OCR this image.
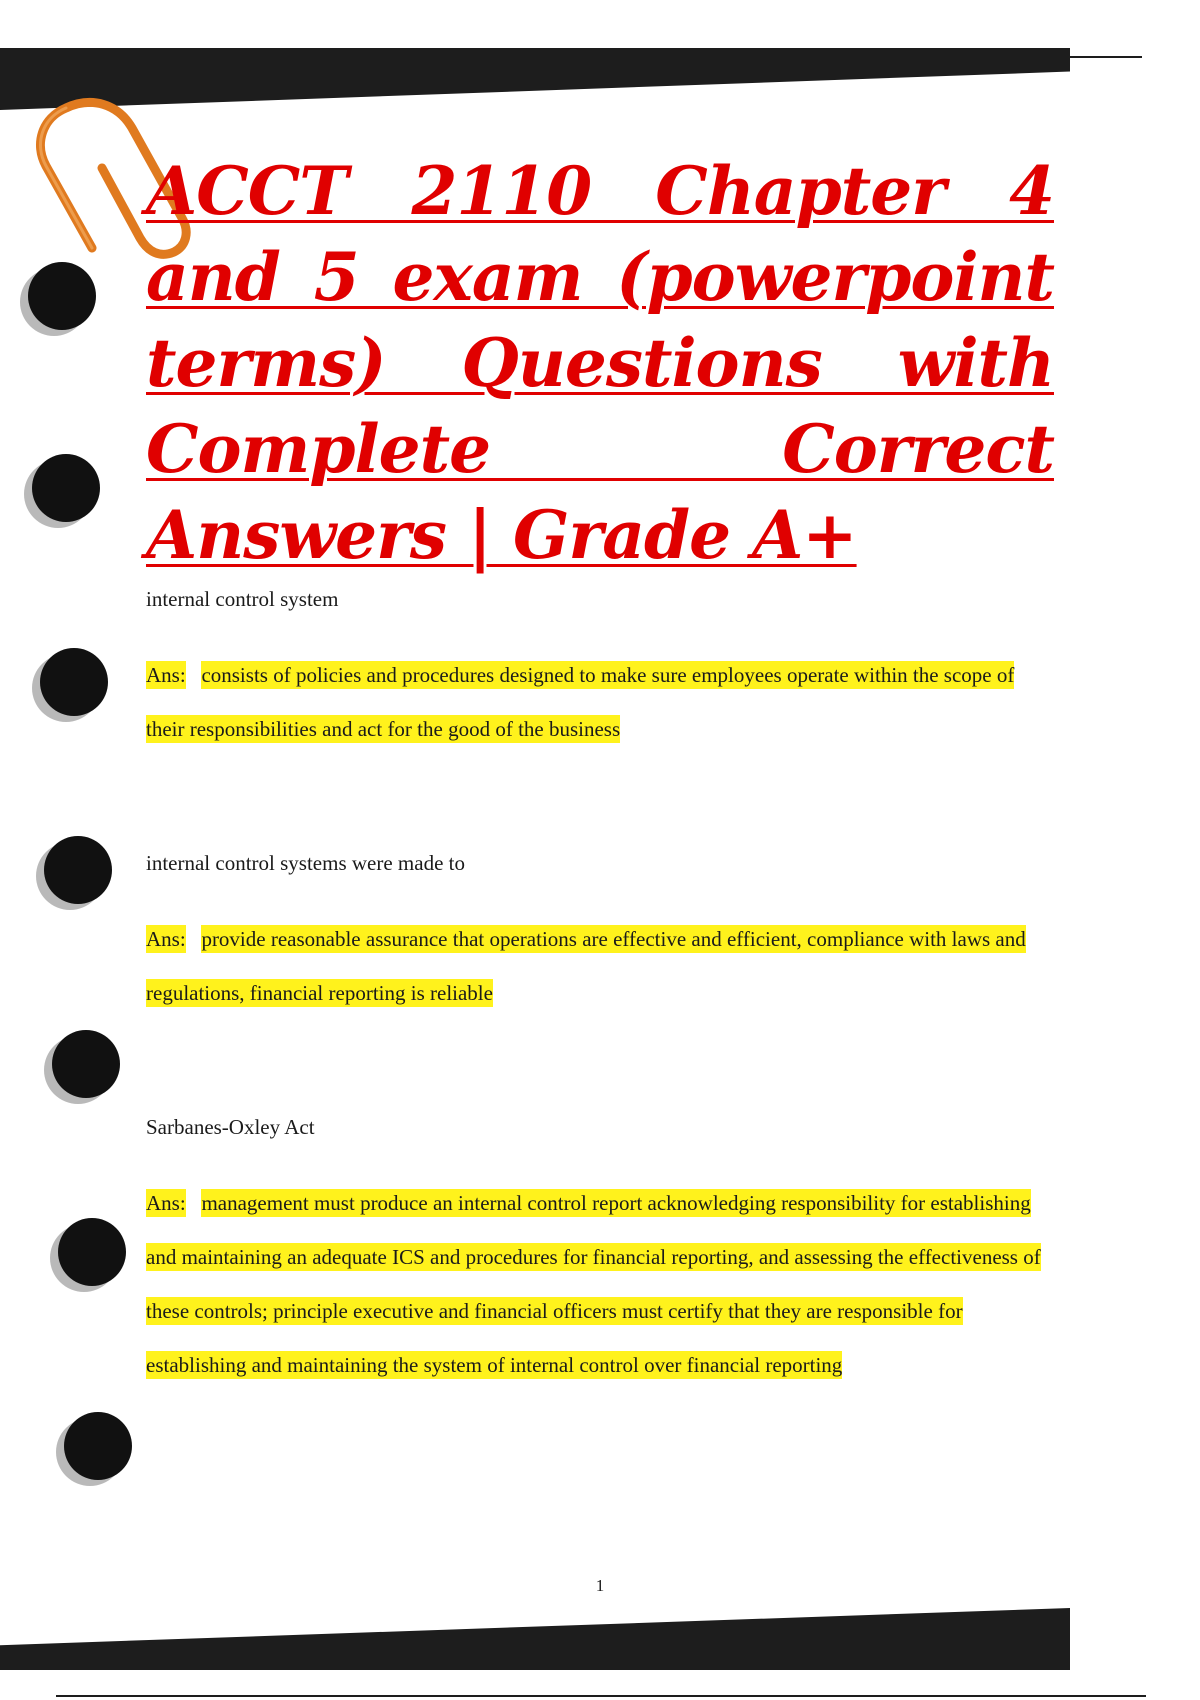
ACCT 2110 Chapter 4 and 5 exam (powerpoint terms) Questions with Complete Correct Answers | Grade A+

internal control system

Ans: consists of policies and procedures designed to make sure employees operate within the scope of their responsibilities and act for the good of the business

internal control systems were made to

Ans: provide reasonable assurance that operations are effective and efficient, compliance with laws and regulations, financial reporting is reliable

Sarbanes-Oxley Act

Ans: management must produce an internal control report acknowledging responsibility for establishing and maintaining an adequate ICS and procedures for financial reporting, and assessing the effectiveness of these controls; principle executive and financial officers must certify that they are responsible for establishing and maintaining the system of internal control over financial reporting

1
